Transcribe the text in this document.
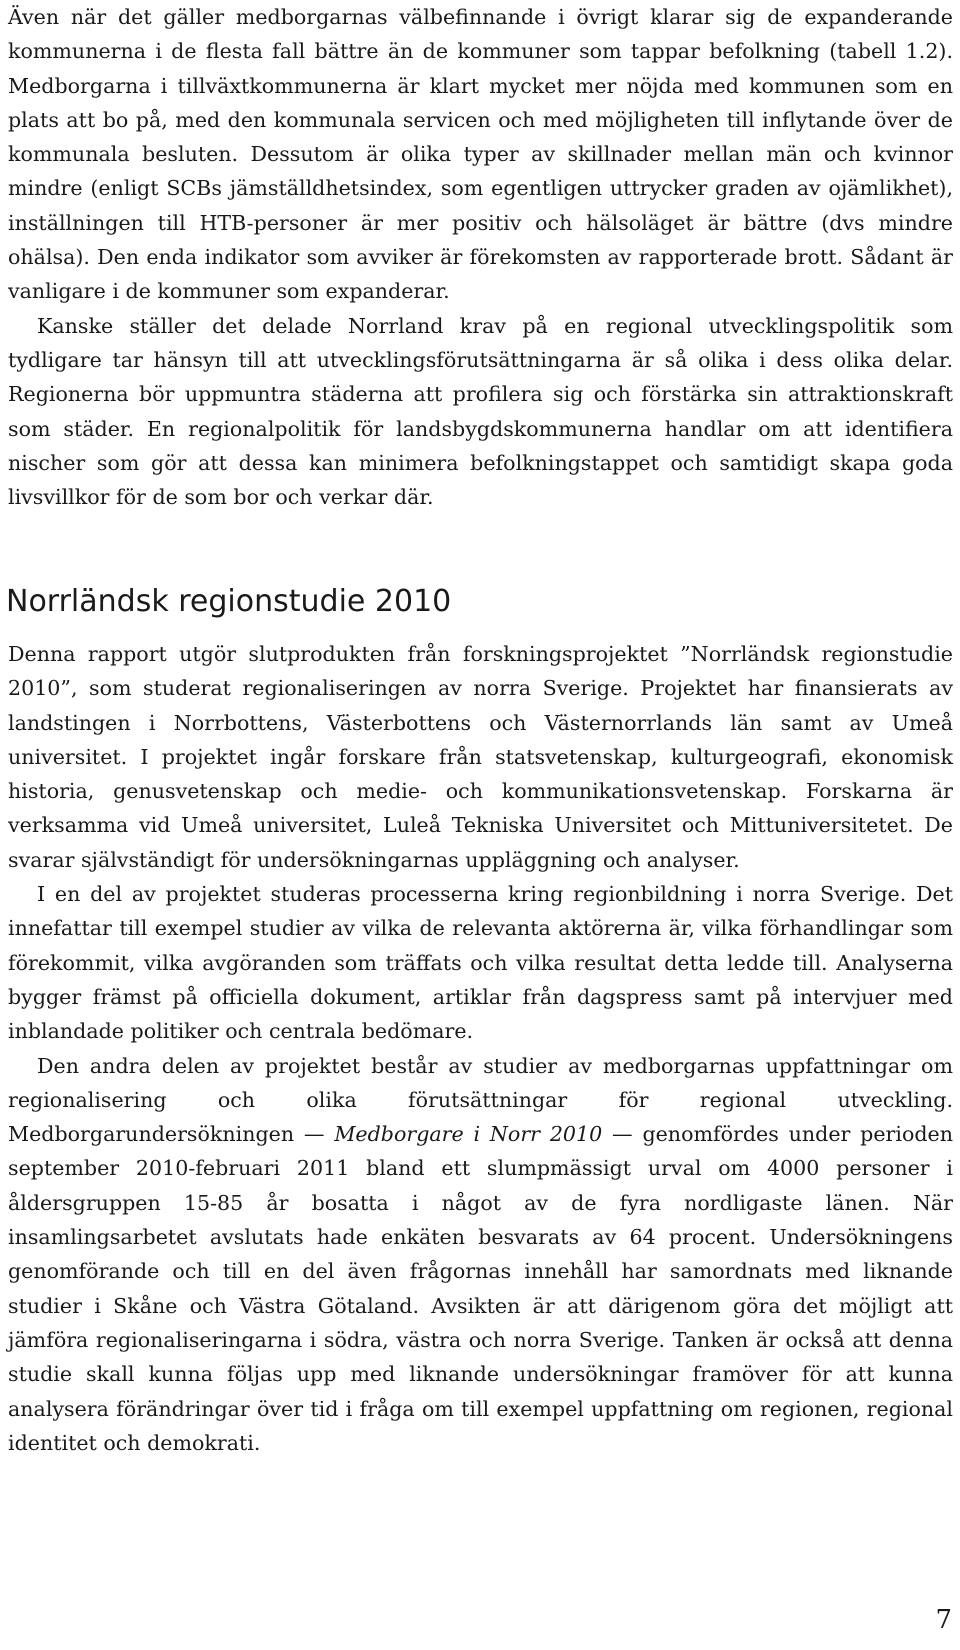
Även när det gäller medborgarnas välbefinnande i övrigt klarar sig de expanderande kommunerna i de flesta fall bättre än de kommuner som tappar befolkning (tabell 1.2). Medborgarna i tillväxtkommunerna är klart mycket mer nöjda med kommunen som en plats att bo på, med den kommunala servicen och med möjligheten till inflytande över de kommunala besluten. Dessutom är olika typer av skillnader mellan män och kvinnor mindre (enligt SCBs jämställdhetsindex, som egentligen uttrycker graden av ojämlikhet), inställningen till HTB-personer är mer positiv och hälsoläget är bättre (dvs mindre ohälsa). Den enda indikator som avviker är förekomsten av rapporterade brott. Sådant är vanligare i de kommuner som expanderar.

Kanske ställer det delade Norrland krav på en regional utvecklingspolitik som tydligare tar hänsyn till att utvecklingsförutsättningarna är så olika i dess olika delar. Regionerna bör uppmuntra städerna att profilera sig och förstärka sin attraktionskraft som städer. En regionalpolitik för landsbygdskommunerna handlar om att identifiera nischer som gör att dessa kan minimera befolkningstappet och samtidigt skapa goda livsvillkor för de som bor och verkar där.

Norrländsk regionstudie 2010

Denna rapport utgör slutprodukten från forskningsprojektet ”Norrländsk regionstudie 2010”, som studerat regionaliseringen av norra Sverige. Projektet har finansierats av landstingen i Norrbottens, Västerbottens och Västernorrlands län samt av Umeå universitet. I projektet ingår forskare från statsvetenskap, kulturgeografi, ekonomisk historia, genusvetenskap och medie- och kommunikationsvetenskap. Forskarna är verksamma vid Umeå universitet, Luleå Tekniska Universitet och Mittuniversitetet. De svarar självständigt för undersökningarnas uppläggning och analyser.

I en del av projektet studeras processerna kring regionbildning i norra Sverige. Det innefattar till exempel studier av vilka de relevanta aktörerna är, vilka förhandlingar som förekommit, vilka avgöranden som träffats och vilka resultat detta ledde till. Analyserna bygger främst på officiella dokument, artiklar från dagspress samt på intervjuer med inblandade politiker och centrala bedömare.

Den andra delen av projektet består av studier av medborgarnas uppfattningar om regionalisering och olika förutsättningar för regional utveckling. Medborgarundersökningen — Medborgare i Norr 2010 — genomfördes under perioden september 2010-februari 2011 bland ett slumpmässigt urval om 4000 personer i åldersgruppen 15-85 år bosatta i något av de fyra nordligaste länen. När insamlingsarbetet avslutats hade enkäten besvarats av 64 procent. Undersökningens genomförande och till en del även frågornas innehåll har samordnats med liknande studier i Skåne och Västra Götaland. Avsikten är att därigenom göra det möjligt att jämföra regionaliseringarna i södra, västra och norra Sverige. Tanken är också att denna studie skall kunna följas upp med liknande undersökningar framöver för att kunna analysera förändringar över tid i fråga om till exempel uppfattning om regionen, regional identitet och demokrati.

7
